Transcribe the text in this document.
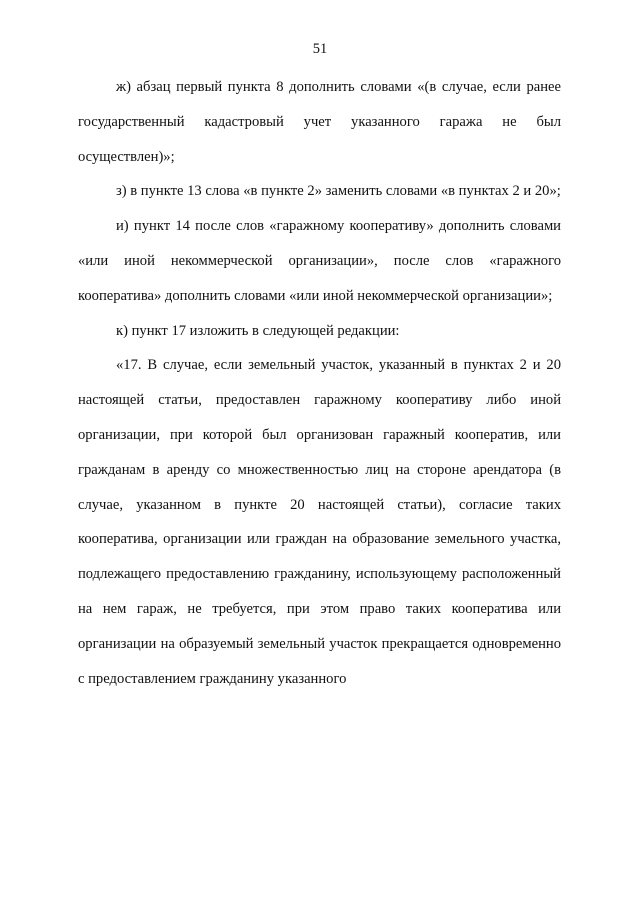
51

ж) абзац первый пункта 8 дополнить словами «(в случае, если ранее государственный кадастровый учет указанного гаража не был осуществлен)»;

з) в пункте 13 слова «в пункте 2» заменить словами «в пунктах 2 и 20»;

и) пункт 14 после слов «гаражному кооперативу» дополнить словами «или иной некоммерческой организации», после слов «гаражного кооператива» дополнить словами «или иной некоммерческой организации»;

к) пункт 17 изложить в следующей редакции:

«17. В случае, если земельный участок, указанный в пунктах 2 и 20 настоящей статьи, предоставлен гаражному кооперативу либо иной организации, при которой был организован гаражный кооператив, или гражданам в аренду со множественностью лиц на стороне арендатора (в случае, указанном в пункте 20 настоящей статьи), согласие таких кооператива, организации или граждан на образование земельного участка, подлежащего предоставлению гражданину, использующему расположенный на нем гараж, не требуется, при этом право таких кооператива или организации на образуемый земельный участок прекращается одновременно с предоставлением гражданину указанного
